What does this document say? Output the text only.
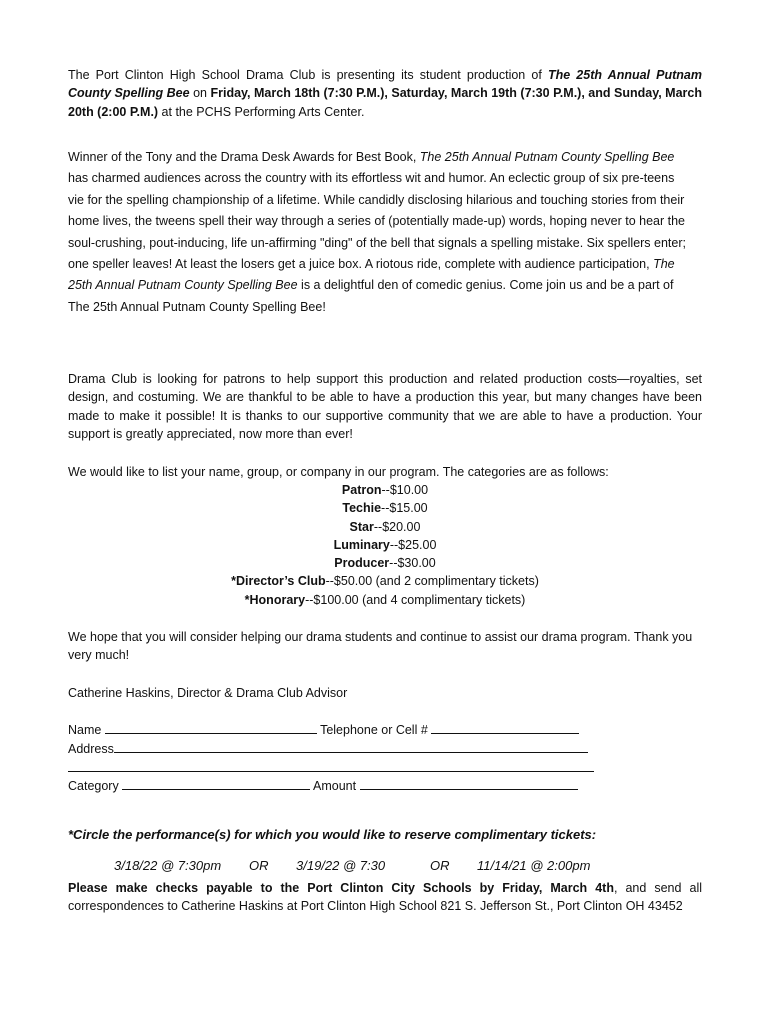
The Port Clinton High School Drama Club is presenting its student production of The 25th Annual Putnam County Spelling Bee on Friday, March 18th (7:30 P.M.), Saturday, March 19th (7:30 P.M.), and Sunday, March 20th (2:00 P.M.) at the PCHS Performing Arts Center.

Winner of the Tony and the Drama Desk Awards for Best Book, The 25th Annual Putnam County Spelling Bee has charmed audiences across the country with its effortless wit and humor. An eclectic group of six pre-teens vie for the spelling championship of a lifetime. While candidly disclosing hilarious and touching stories from their home lives, the tweens spell their way through a series of (potentially made-up) words, hoping never to hear the soul-crushing, pout-inducing, life un-affirming "ding" of the bell that signals a spelling mistake. Six spellers enter; one speller leaves! At least the losers get a juice box. A riotous ride, complete with audience participation, The 25th Annual Putnam County Spelling Bee is a delightful den of comedic genius. Come join us and be a part of The 25th Annual Putnam County Spelling Bee!

Drama Club is looking for patrons to help support this production and related production costs—royalties, set design, and costuming. We are thankful to be able to have a production this year, but many changes have been made to make it possible! It is thanks to our supportive community that we are able to have a production. Your support is greatly appreciated, now more than ever!

We would like to list your name, group, or company in our program. The categories are as follows:

Patron--$10.00
Techie--$15.00
Star--$20.00
Luminary--$25.00
Producer--$30.00
*Director’s Club--$50.00 (and 2 complimentary tickets)
*Honorary--$100.00 (and 4 complimentary tickets)

We hope that you will consider helping our drama students and continue to assist our drama program. Thank you very much!

Catherine Haskins, Director & Drama Club Advisor

Name	Telephone or Cell #
Address
Category	Amount

*Circle the performance(s) for which you would like to reserve complimentary tickets:

3/18/22 @ 7:30pm OR 3/19/22 @ 7:30	OR 11/14/21 @ 2:00pm

Please make checks payable to the Port Clinton City Schools by Friday, March 4th, and send all correspondences to Catherine Haskins at Port Clinton High School 821 S. Jefferson St., Port Clinton OH 43452
